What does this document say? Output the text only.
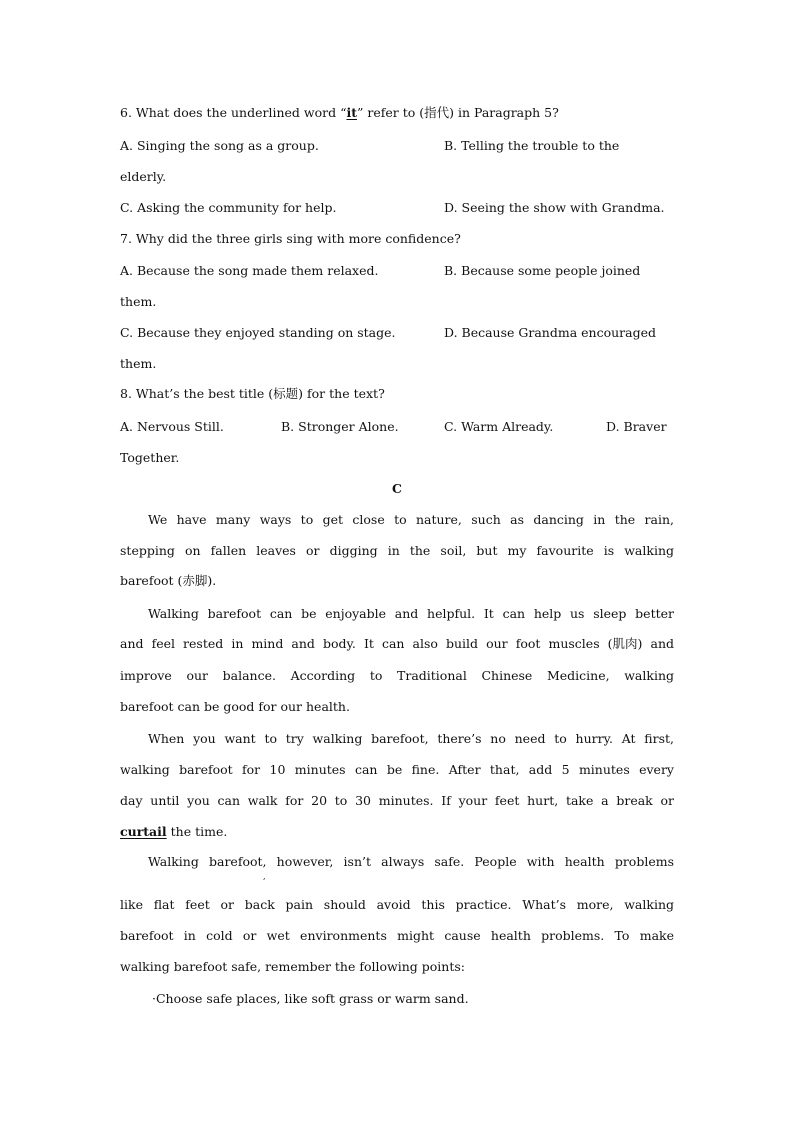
6. What does the underlined word “it” refer to (指代) in Paragraph 5?
A. Singing the song as a group.	B. Telling the trouble to the
elderly.
C. Asking the community for help.	D. Seeing the show with Grandma.
7. Why did the three girls sing with more confidence?
A. Because the song made them relaxed.	B. Because some people joined
them.
C. Because they enjoyed standing on stage.	D. Because Grandma encouraged
them.
8. What’s the best title (标题) for the text?
A. Nervous Still.	B. Stronger Alone.	C. Warm Already.	D. Braver
Together.
C
We have many ways to get close to nature, such as dancing in the rain,
stepping on fallen leaves or digging in the soil, but my favourite is walking
barefoot (赤脚).
Walking barefoot can be enjoyable and helpful. It can help us sleep better
and feel rested in mind and body. It can also build our foot muscles (肌肉) and
improve our balance. According to Traditional Chinese Medicine, walking
barefoot can be good for our health.
When you want to try walking barefoot, there’s no need to hurry. At first,
walking barefoot for 10 minutes can be fine. After that, add 5 minutes every
day until you can walk for 20 to 30 minutes. If your feet hurt, take a break or
curtail the time.
Walking barefoot, however, isn’t always safe. People with health problems
,
like flat feet or back pain should avoid this practice. What’s more, walking
barefoot in cold or wet environments might cause health problems. To make
walking barefoot safe, remember the following points:
·Choose safe places, like soft grass or warm sand.
